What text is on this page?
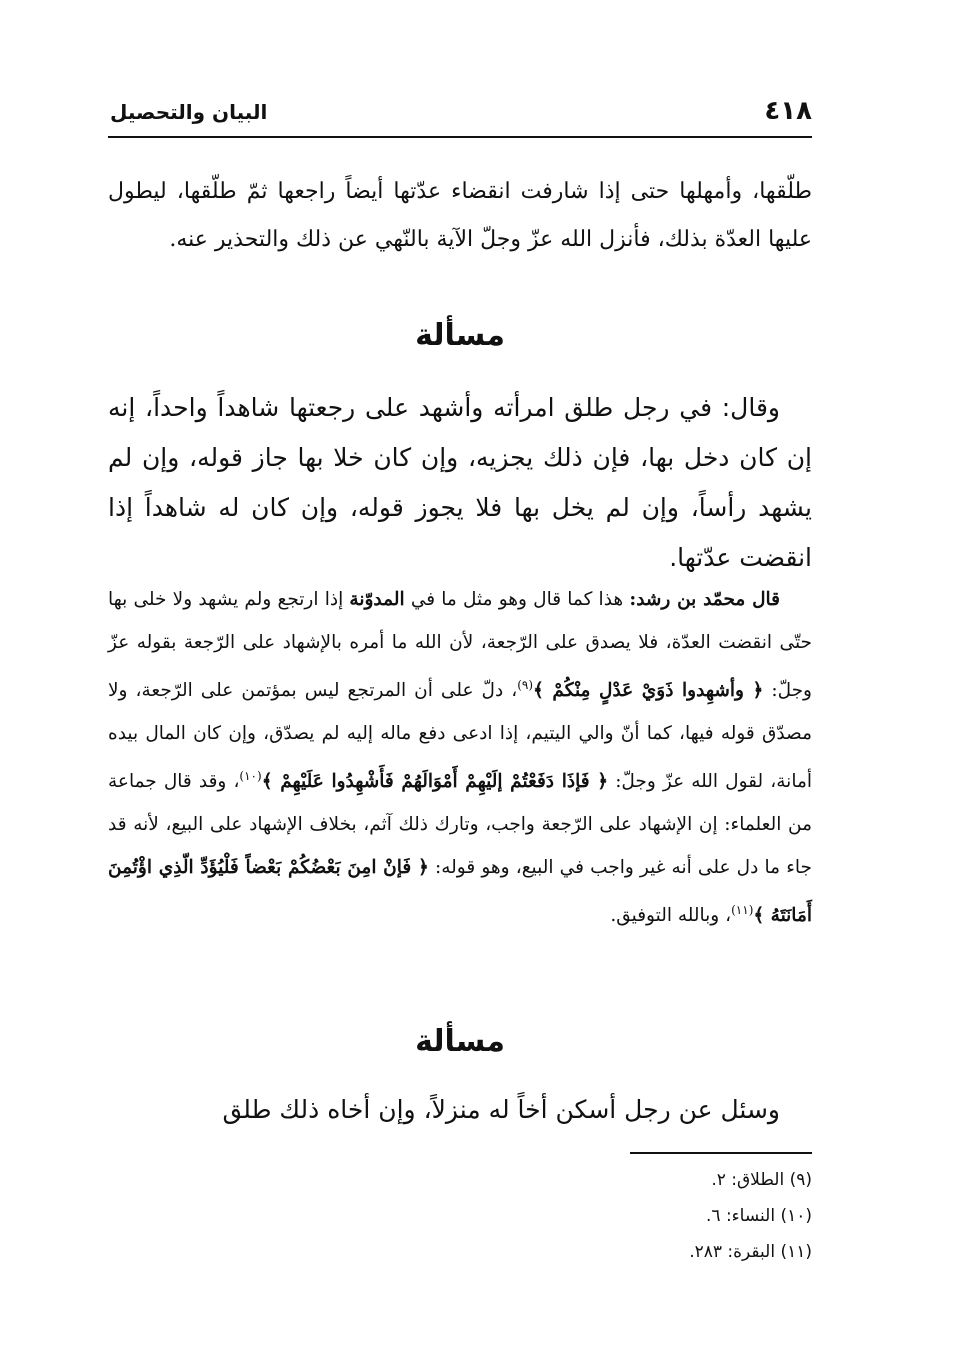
٤١٨
البيان والتحصيل

طلّقها، وأمهلها حتى إذا شارفت انقضاء عدّتها أيضاً راجعها ثمّ طلّقها، ليطول عليها العدّة بذلك، فأنزل الله عزّ وجلّ الآية بالنّهي عن ذلك والتحذير عنه.

مسألة

وقال: في رجل طلق امرأته وأشهد على رجعتها شاهداً واحداً، إنه إن كان دخل بها، فإن ذلك يجزيه، وإن كان خلا بها جاز قوله، وإن لم يشهد رأساً، وإن لم يخل بها فلا يجوز قوله، وإن كان له شاهداً إذا انقضت عدّتها.

قال محمّد بن رشد: هذا كما قال وهو مثل ما في المدوّنة إذا ارتجع ولم يشهد ولا خلى بها حتّى انقضت العدّة، فلا يصدق على الرّجعة، لأن الله ما أمره بالإشهاد على الرّجعة بقوله عزّ وجلّ: ﴿ وأشهِدوا ذَوَيْ عَدْلٍ مِنْكُمْ ﴾$^{(٩)}$، دلّ على أن المرتجع ليس بمؤتمن على الرّجعة، ولا مصدّق قوله فيها، كما أنّ والي اليتيم، إذا ادعى دفع ماله إليه لم يصدّق، وإن كان المال بيده أمانة، لقول الله عزّ وجلّ: ﴿ فَإذَا دَفَعْتُمْ إلَيْهِمْ أَمْوَالَهُمْ فَأَشْهِدُوا عَلَيْهِمْ ﴾$^{(١٠)}$، وقد قال جماعة من العلماء: إن الإشهاد على الرّجعة واجب، وتارك ذلك آثم، بخلاف الإشهاد على البيع، لأنه قد جاء ما دل على أنه غير واجب في البيع، وهو قوله: ﴿ فَإنْ امِنَ بَعْضُكُمْ بَعْضاً فَلْيُؤَدِّ الّذِي اؤْتُمِنَ أَمَانَتَهُ ﴾$^{(١١)}$، وبالله التوفيق.

مسألة

وسئل عن رجل أسكن أخاً له منزلاً، وإن أخاه ذلك طلق

(٩) الطلاق: ٢.
(١٠) النساء: ٦.
(١١) البقرة: ٢٨٣.
